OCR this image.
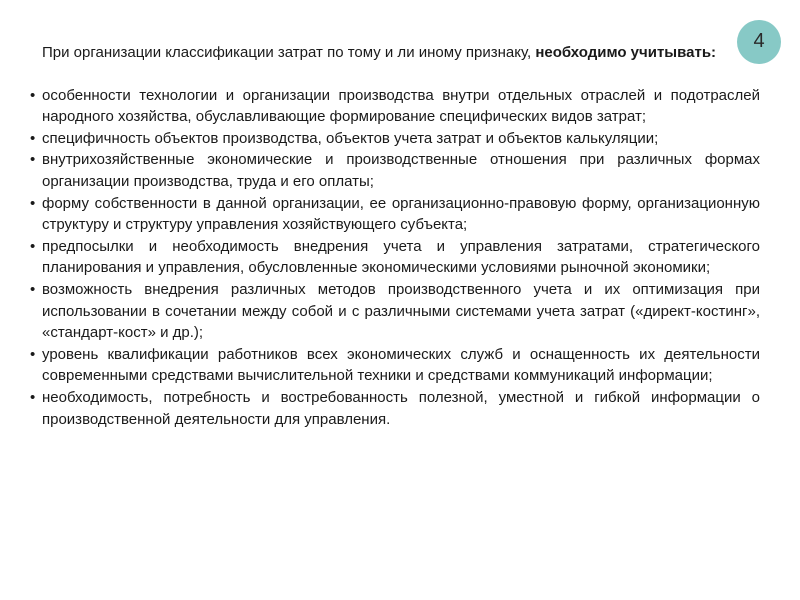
4

При организации классификации затрат по тому и ли иному признаку, необходимо учитывать:

• особенности технологии и организации производства внутри отдельных отраслей и подотраслей народного хозяйства, обуславливающие формирование специфических видов затрат;
• специфичность объектов производства, объектов учета затрат и объектов калькуляции;
• внутрихозяйственные экономические и производственные отношения при различных формах организации производства, труда и его оплаты;
• форму собственности в данной организации, ее организационно-правовую форму, организационную структуру и структуру управления хозяйствующего субъекта;
• предпосылки и необходимость внедрения учета и управления затратами, стратегического планирования и управления, обусловленные экономическими условиями рыночной экономики;
• возможность внедрения различных методов производственного учета и их оптимизация при использовании в сочетании между собой и с различными системами учета затрат («директ-костинг», «стандарт-кост» и др.);
• уровень квалификации работников всех экономических служб и оснащенность их деятельности современными средствами вычислительной техники и средствами коммуникаций информации;
• необходимость, потребность и востребованность полезной, уместной и гибкой информации о производственной деятельности для управления.
